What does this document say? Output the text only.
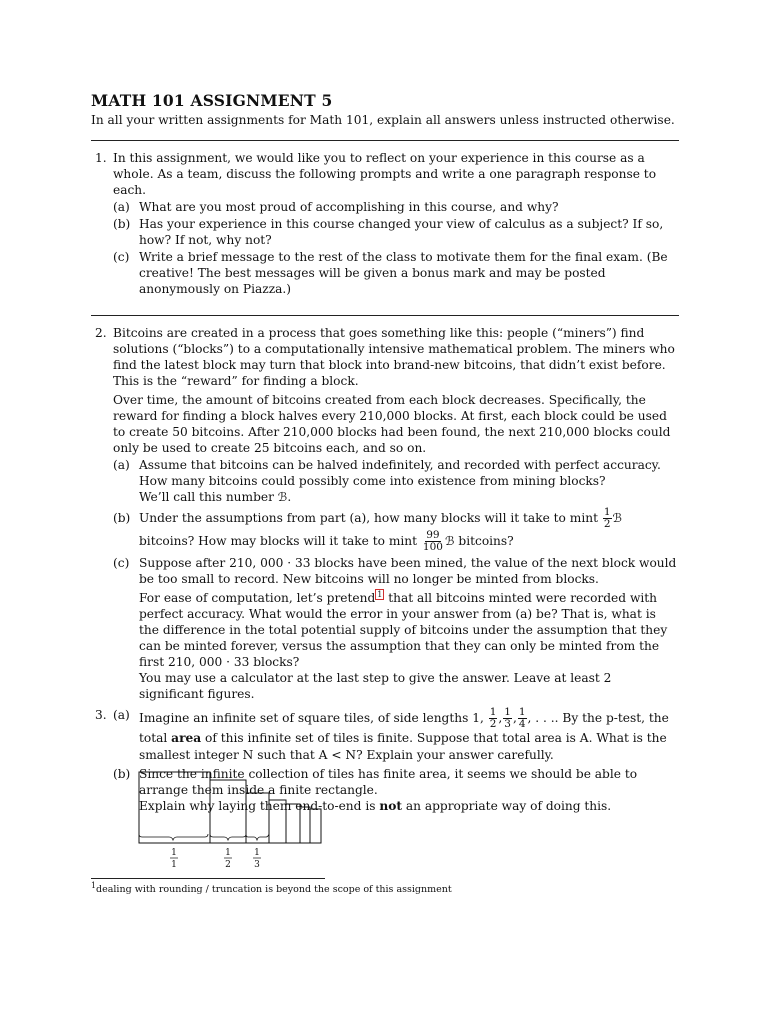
MATH 101 ASSIGNMENT 5
In all your written assignments for Math 101, explain all answers unless instructed otherwise.
1. In this assignment, we would like you to reflect on your experience in this course as a whole. As a team, discuss the following prompts and write a one paragraph response to each.
(a) What are you most proud of accomplishing in this course, and why?
(b) Has your experience in this course changed your view of calculus as a subject? If so, how? If not, why not?
(c) Write a brief message to the rest of the class to motivate them for the final exam. (Be creative! The best messages will be given a bonus mark and may be posted anonymously on Piazza.)
2. Bitcoins are created in a process that goes something like this: people (“miners”) find solutions (“blocks”) to a computationally intensive mathematical problem. The miners who find the latest block may turn that block into brand-new bitcoins, that didn’t exist before. This is the “reward” for finding a block.
Over time, the amount of bitcoins created from each block decreases. Specifically, the reward for finding a block halves every 210,000 blocks. At first, each block could be used to create 50 bitcoins. After 210,000 blocks had been found, the next 210,000 blocks could only be used to create 25 bitcoins each, and so on.
(a) Assume that bitcoins can be halved indefinitely, and recorded with perfect accuracy. How many bitcoins could possibly come into existence from mining blocks?
We’ll call this number ℬ.
(b) Under the assumptions from part (a), how many blocks will it take to mint $\frac{1}{2}$ ℬ bitcoins? How may blocks will it take to mint $\frac{99}{100}$ ℬ bitcoins?
(c) Suppose after 210, 000 · 33 blocks have been mined, the value of the next block would be too small to record. New bitcoins will no longer be minted from blocks.
For ease of computation, let’s pretend 1 that all bitcoins minted were recorded with perfect accuracy. What would the error in your answer from (a) be? That is, what is the difference in the total potential supply of bitcoins under the assumption that they can be minted forever, versus the assumption that they can only be minted from the first 210, 000 · 33 blocks?
You may use a calculator at the last step to give the answer. Leave at least 2 significant figures.
3. (a) Imagine an infinite set of square tiles, of side lengths 1, $\frac{1}{2}$ , $\frac{1}{3}$ , $\frac{1}{4}$ , . . .. By the p-test, the total area of this infinite set of tiles is finite. Suppose that total area is A. What is the smallest integer N such that A < N? Explain your answer carefully.
(b) Since the infinite collection of tiles has finite area, it seems we should be able to arrange them inside a finite rectangle.
Explain why laying them end-to-end is not an appropriate way of doing this.
1
1
1
2
1
3
$^1$dealing with rounding / truncation is beyond the scope of this assignment
